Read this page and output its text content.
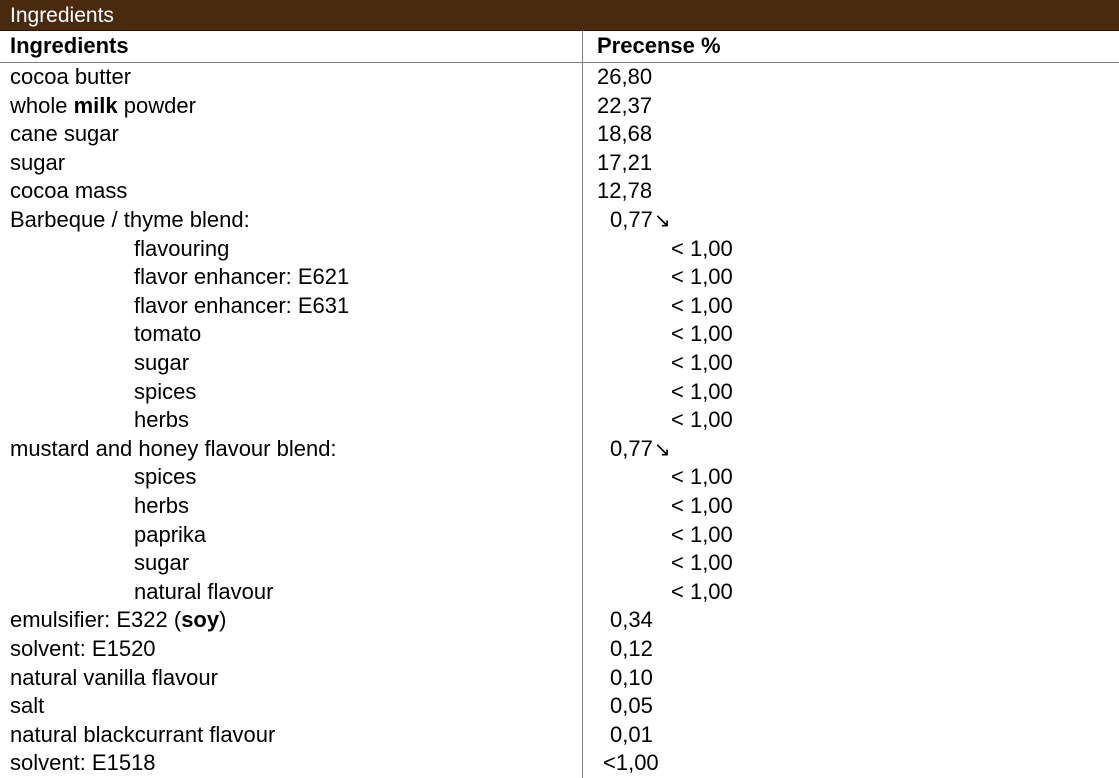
Ingredients
Ingredients	Precense %
cocoa butter	26,80
whole milk powder	22,37
cane sugar	18,68
sugar	17,21
cocoa mass	12,78
Barbeque / thyme blend:	0,77↘
flavouring	< 1,00
flavor enhancer: E621	< 1,00
flavor enhancer: E631	< 1,00
tomato	< 1,00
sugar	< 1,00
spices	< 1,00
herbs	< 1,00
mustard and honey flavour blend:	0,77↘
spices	< 1,00
herbs	< 1,00
paprika	< 1,00
sugar	< 1,00
natural flavour	< 1,00
emulsifier: E322 (soy)	0,34
solvent: E1520	0,12
natural vanilla flavour	0,10
salt	0,05
natural blackcurrant flavour	0,01
solvent: E1518	<1,00
